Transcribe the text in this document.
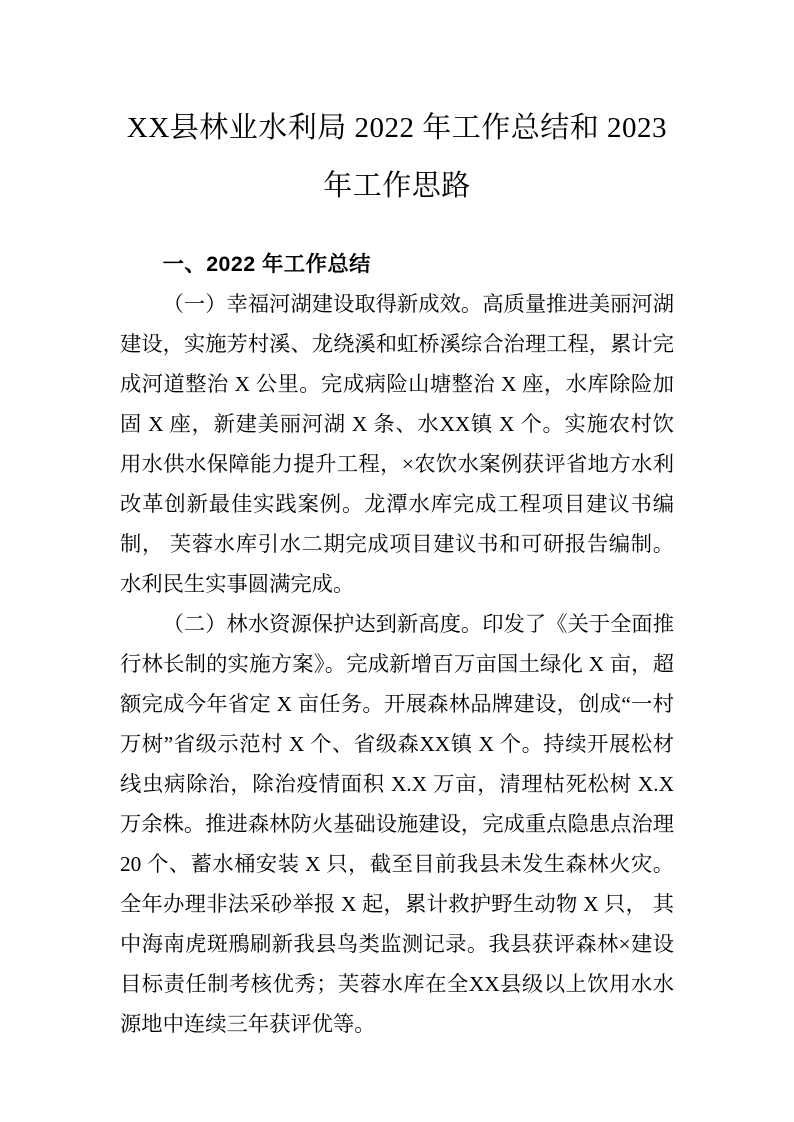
XX县林业水利局 2022 年工作总结和 2023
年工作思路
一、2022 年工作总结

（一）幸福河湖建设取得新成效。高质量推进美丽河湖建设，实施芳村溪、龙绕溪和虹桥溪综合治理工程，累计完成河道整治 X 公里。完成病险山塘整治 X 座，水库除险加固 X 座，新建美丽河湖 X 条、水XX镇 X 个。实施农村饮用水供水保障能力提升工程，×农饮水案例获评省地方水利改革创新最佳实践案例。龙潭水库完成工程项目建议书编制， 芙蓉水库引水二期完成项目建议书和可研报告编制。水利民生实事圆满完成。

（二）林水资源保护达到新高度。印发了《关于全面推行林长制的实施方案》。完成新增百万亩国土绿化 X 亩，超额完成今年省定 X 亩任务。开展森林品牌建设，创成“一村万树”省级示范村 X 个、省级森XX镇 X 个。持续开展松材线虫病除治，除治疫情面积 X.X 万亩，清理枯死松树 X.X 万余株。推进森林防火基础设施建设，完成重点隐患点治理 20 个、蓄水桶安装 X 只，截至目前我县未发生森林火灾。全年办理非法采砂举报 X 起，累计救护野生动物 X 只， 其中海南虎斑鳽刷新我县鸟类监测记录。我县获评森林×建设目标责任制考核优秀；芙蓉水库在全XX县级以上饮用水水源地中连续三年获评优等。
